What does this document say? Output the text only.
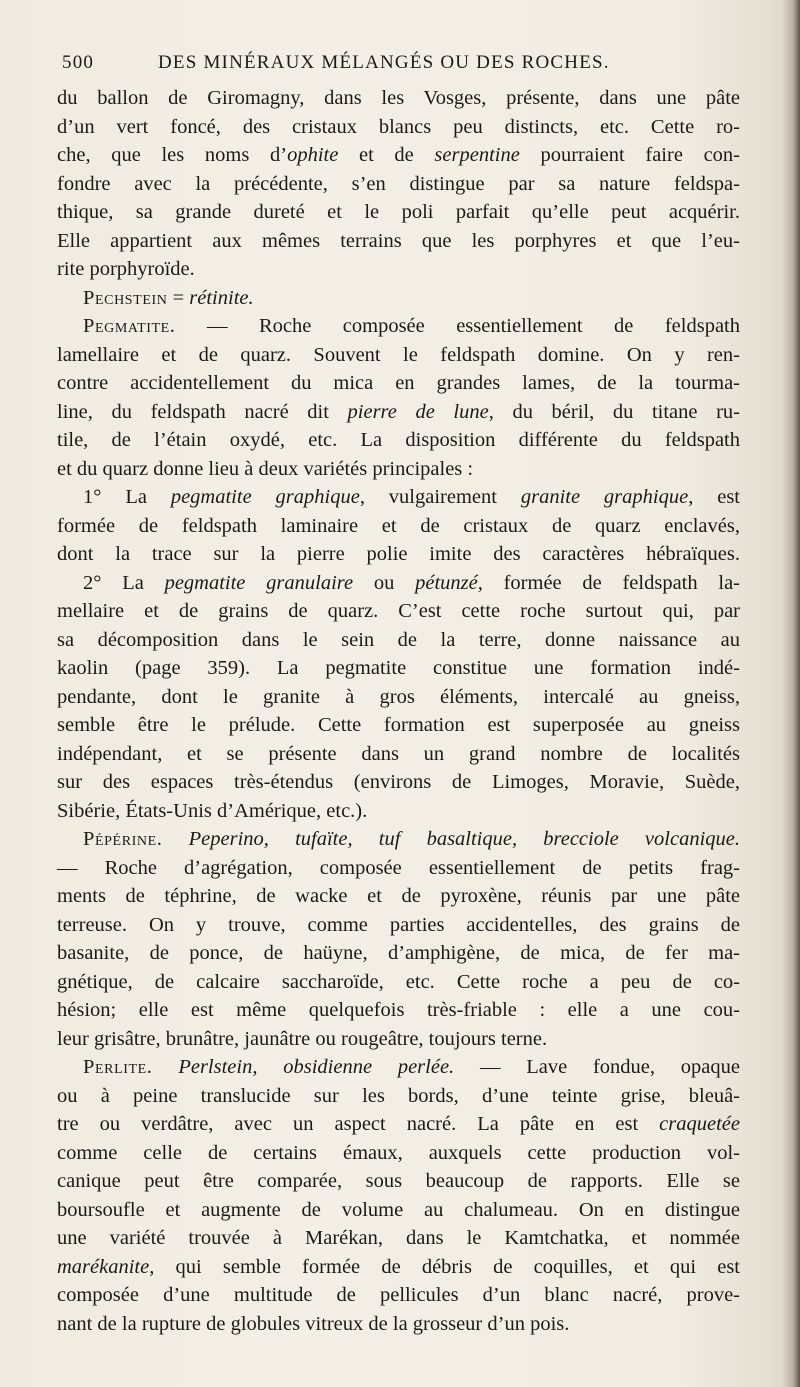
500	DES MINÉRAUX MÉLANGÉS OU DES ROCHES.
du ballon de Giromagny, dans les Vosges, présente, dans une pâte
d’un vert foncé, des cristaux blancs peu distincts, etc. Cette ro-
che, que les noms d’ophite et de serpentine pourraient faire con-
fondre avec la précédente, s’en distingue par sa nature feldspa-
thique, sa grande dureté et le poli parfait qu’elle peut acquérir.
Elle appartient aux mêmes terrains que les porphyres et que l’eu-
rite porphyroïde.
Pechstein = rétinite.
Pegmatite. — Roche composée essentiellement de feldspath
lamellaire et de quarz. Souvent le feldspath domine. On y ren-
contre accidentellement du mica en grandes lames, de la tourma-
line, du feldspath nacré dit pierre de lune, du béril, du titane ru-
tile, de l’étain oxydé, etc. La disposition différente du feldspath
et du quarz donne lieu à deux variétés principales :
1° La pegmatite graphique, vulgairement granite graphique, est
formée de feldspath laminaire et de cristaux de quarz enclavés,
dont la trace sur la pierre polie imite des caractères hébraïques.
2° La pegmatite granulaire ou pétunzé, formée de feldspath la-
mellaire et de grains de quarz. C’est cette roche surtout qui, par
sa décomposition dans le sein de la terre, donne naissance au
kaolin (page 359). La pegmatite constitue une formation indé-
pendante, dont le granite à gros éléments, intercalé au gneiss,
semble être le prélude. Cette formation est superposée au gneiss
indépendant, et se présente dans un grand nombre de localités
sur des espaces très-étendus (environs de Limoges, Moravie, Suède,
Sibérie, États-Unis d’Amérique, etc.).
Pépérine. Peperino, tufaïte, tuf basaltique, brecciole volcanique.
— Roche d’agrégation, composée essentiellement de petits frag-
ments de téphrine, de wacke et de pyroxène, réunis par une pâte
terreuse. On y trouve, comme parties accidentelles, des grains de
basanite, de ponce, de haüyne, d’amphigène, de mica, de fer ma-
gnétique, de calcaire saccharoïde, etc. Cette roche a peu de co-
hésion; elle est même quelquefois très-friable : elle a une cou-
leur grisâtre, brunâtre, jaunâtre ou rougeâtre, toujours terne.
Perlite. Perlstein, obsidienne perlée. — Lave fondue, opaque
ou à peine translucide sur les bords, d’une teinte grise, bleuâ-
tre ou verdâtre, avec un aspect nacré. La pâte en est craquetée
comme celle de certains émaux, auxquels cette production vol-
canique peut être comparée, sous beaucoup de rapports. Elle se
boursoufle et augmente de volume au chalumeau. On en distingue
une variété trouvée à Marékan, dans le Kamtchatka, et nommée
marékanite, qui semble formée de débris de coquilles, et qui est
composée d’une multitude de pellicules d’un blanc nacré, prove-
nant de la rupture de globules vitreux de la grosseur d’un pois.
